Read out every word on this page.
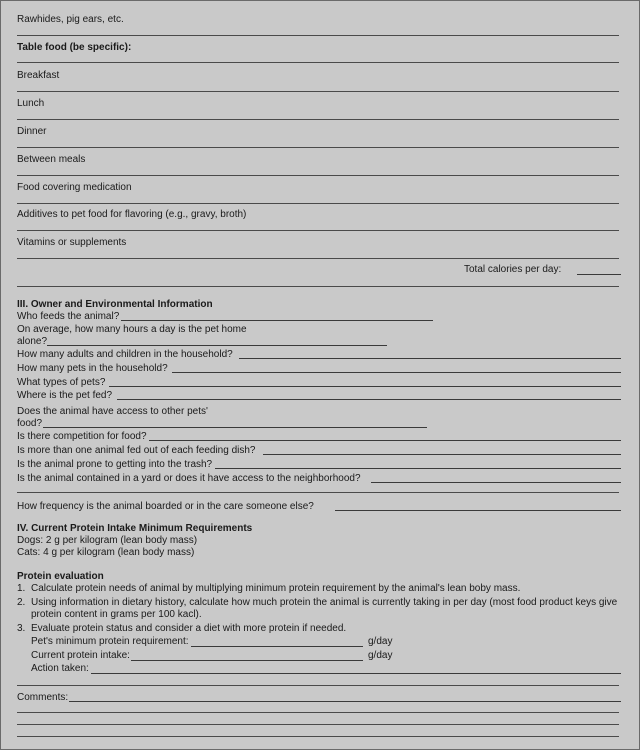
Rawhides, pig ears, etc.
Table food (be specific):
Breakfast
Lunch
Dinner
Between meals
Food covering medication
Additives to pet food for flavoring (e.g., gravy, broth)
Vitamins or supplements
Total calories per day:
III. Owner and Environmental Information
Who feeds the animal?
On average, how many hours a day is the pet home
alone?
How many adults and children in the household?
How many pets in the household?
What types of pets?
Where is the pet fed?
Does the animal have access to other pets'
food?
Is there competition for food?
Is more than one animal fed out of each feeding dish?
Is the animal prone to getting into the trash?
Is the animal contained in a yard or does it have access to the neighborhood?
How frequency is the animal boarded or in the care someone else?
IV. Current Protein Intake Minimum Requirements
Dogs: 2 g per kilogram (lean body mass)
Cats: 4 g per kilogram (lean body mass)
Protein evaluation
1. Calculate protein needs of animal by multiplying minimum protein requirement by the animal's lean boby mass.
2. Using information in dietary history, calculate how much protein the animal is currently taking in per day (most food product keys give
protein content in grams per 100 kacl).
3. Evaluate protein status and consider a diet with more protein if needed.
Pet's minimum protein requirement:	g/day
Current protein intake:	g/day
Action taken:
Comments:
